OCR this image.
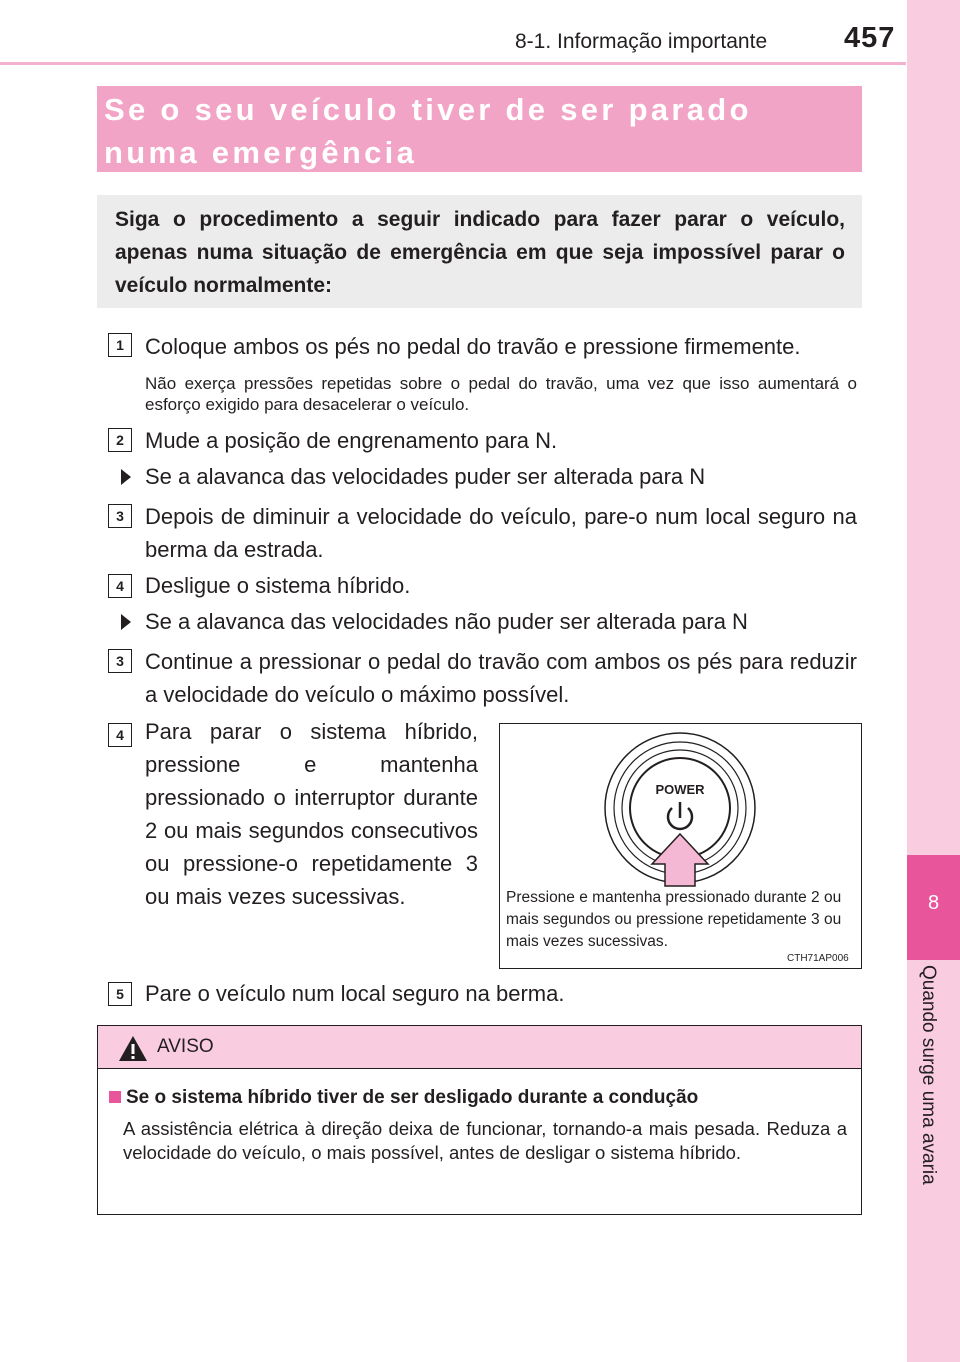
8-1. Informação importante	457
8
Quando surge uma avaria
Se o seu veículo tiver de ser parado numa emergência
Siga o procedimento a seguir indicado para fazer parar o veículo, apenas numa situação de emergência em que seja impossível parar o veículo normalmente:
1 Coloque ambos os pés no pedal do travão e pressione firmemente.
Não exerça pressões repetidas sobre o pedal do travão, uma vez que isso aumentará o esforço exigido para desacelerar o veículo.
2 Mude a posição de engrenamento para N.
Se a alavanca das velocidades puder ser alterada para N
3 Depois de diminuir a velocidade do veículo, pare-o num local seguro na berma da estrada.
4 Desligue o sistema híbrido.
Se a alavanca das velocidades não puder ser alterada para N
3 Continue a pressionar o pedal do travão com ambos os pés para reduzir a velocidade do veículo o máximo possível.
4 Para parar o sistema híbrido, pressione e mantenha pressionado o interruptor durante 2 ou mais segundos consecutivos ou pressione-o repetidamente 3 ou mais vezes sucessivas.
POWER
Pressione e mantenha pressionado durante 2 ou mais segundos ou pressione repetidamente 3 ou mais vezes sucessivas.
CTH71AP006
5 Pare o veículo num local seguro na berma.
AVISO
Se o sistema híbrido tiver de ser desligado durante a condução
A assistência elétrica à direção deixa de funcionar, tornando-a mais pesada. Reduza a velocidade do veículo, o mais possível, antes de desligar o sistema híbrido.
